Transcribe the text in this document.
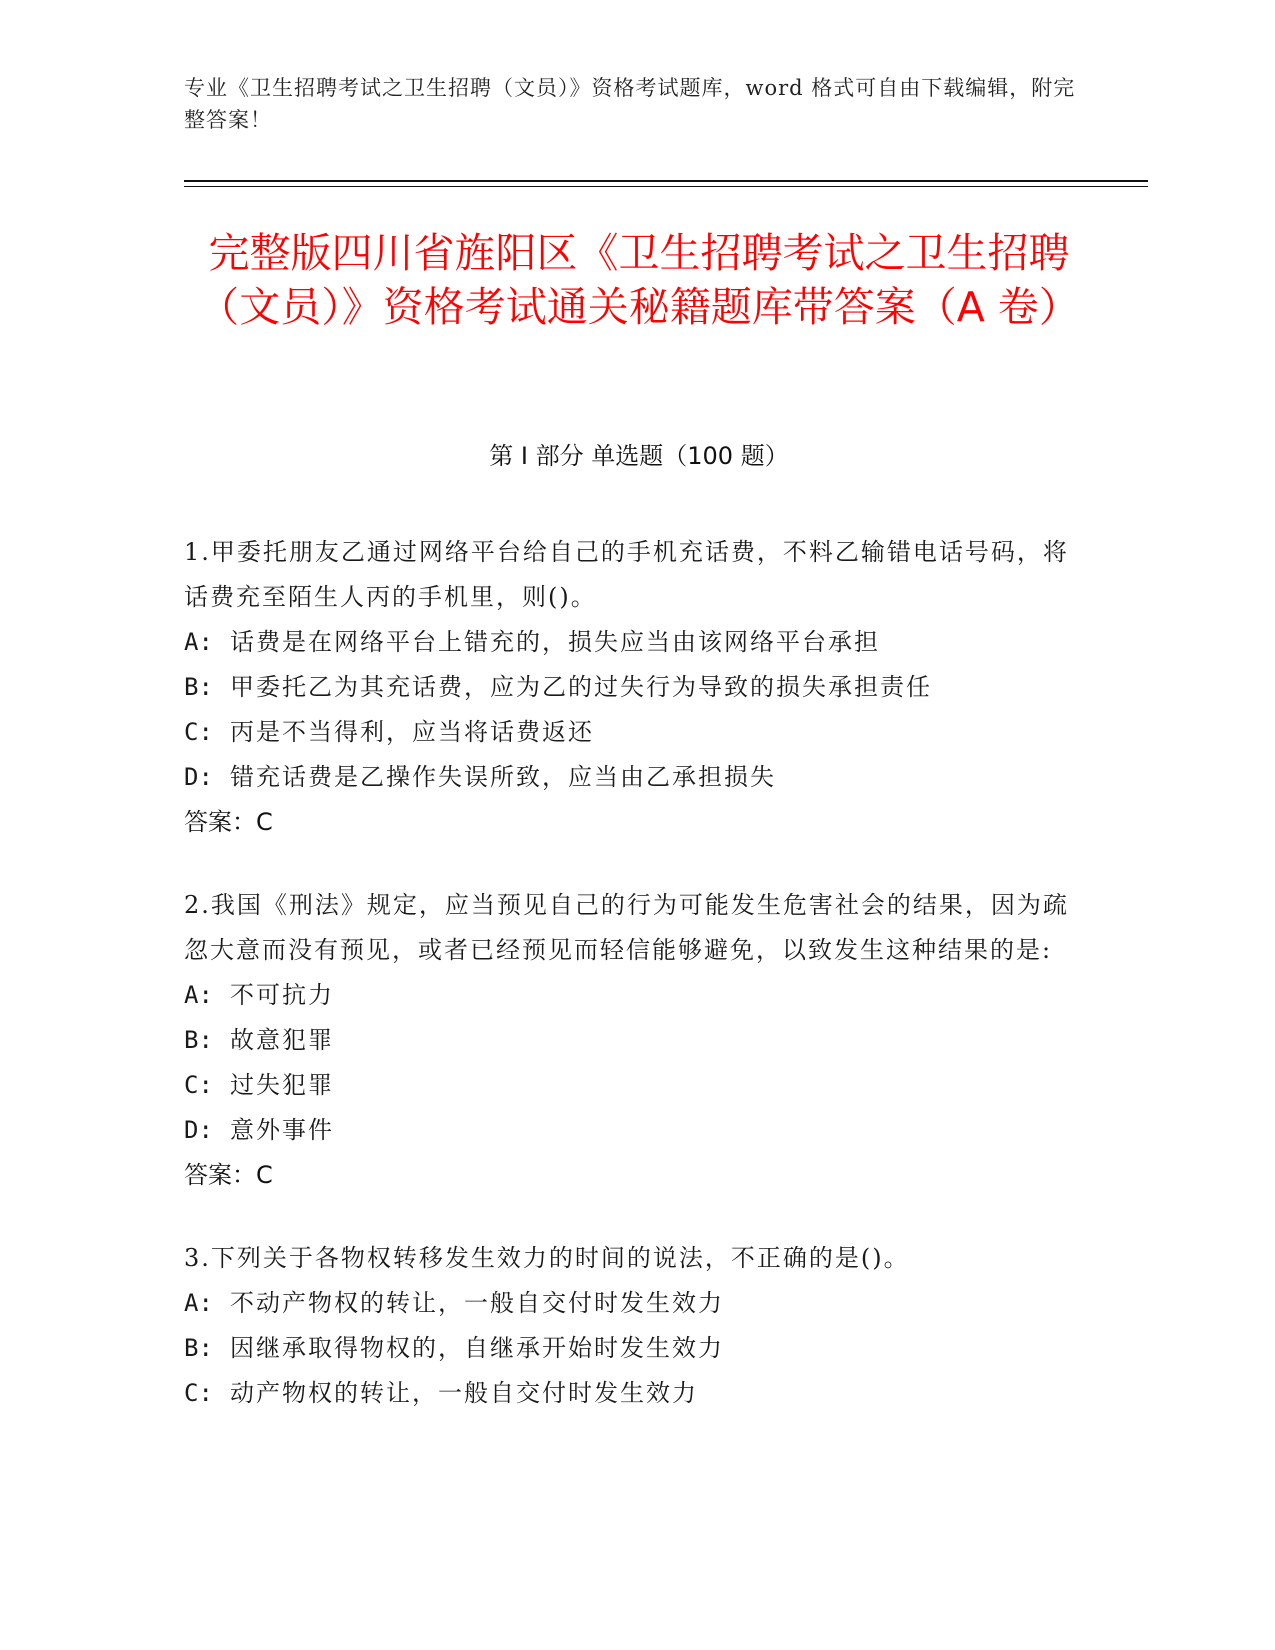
专业《卫生招聘考试之卫生招聘（文员）》资格考试题库，word 格式可自由下载编辑，附完整答案！
完整版四川省旌阳区《卫生招聘考试之卫生招聘（文员）》资格考试通关秘籍题库带答案（A 卷）
第 I 部分 单选题（100 题）
1.甲委托朋友乙通过网络平台给自己的手机充话费，不料乙输错电话号码，将话费充至陌生人丙的手机里，则()。
A: 话费是在网络平台上错充的，损失应当由该网络平台承担
B: 甲委托乙为其充话费，应为乙的过失行为导致的损失承担责任
C: 丙是不当得利，应当将话费返还
D: 错充话费是乙操作失误所致，应当由乙承担损失
答案：C
2.我国《刑法》规定，应当预见自己的行为可能发生危害社会的结果，因为疏忽大意而没有预见，或者已经预见而轻信能够避免，以致发生这种结果的是:
A: 不可抗力
B: 故意犯罪
C: 过失犯罪
D: 意外事件
答案：C
3.下列关于各物权转移发生效力的时间的说法，不正确的是()。
A: 不动产物权的转让，一般自交付时发生效力
B: 因继承取得物权的，自继承开始时发生效力
C: 动产物权的转让，一般自交付时发生效力
